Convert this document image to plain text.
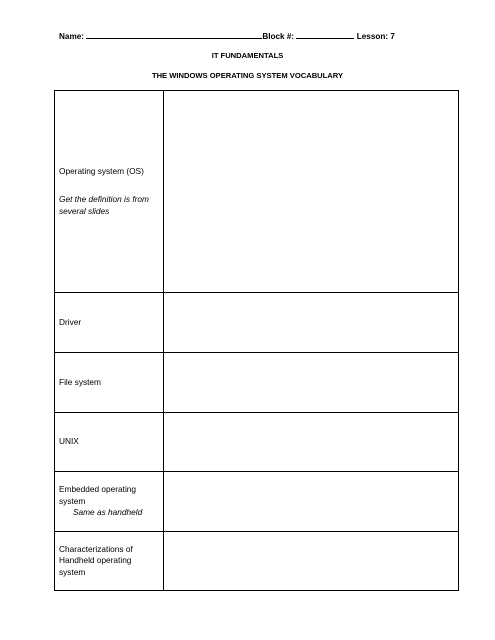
Name:	Block #:	Lesson: 7
IT FUNDAMENTALS
THE WINDOWS OPERATING SYSTEM VOCABULARY
Operating system (OS)
Get the definition is from several slides	

Driver	
File system	
UNIX	
Embedded operating system
Same as handheld	

Characterizations of Handheld operating system	
